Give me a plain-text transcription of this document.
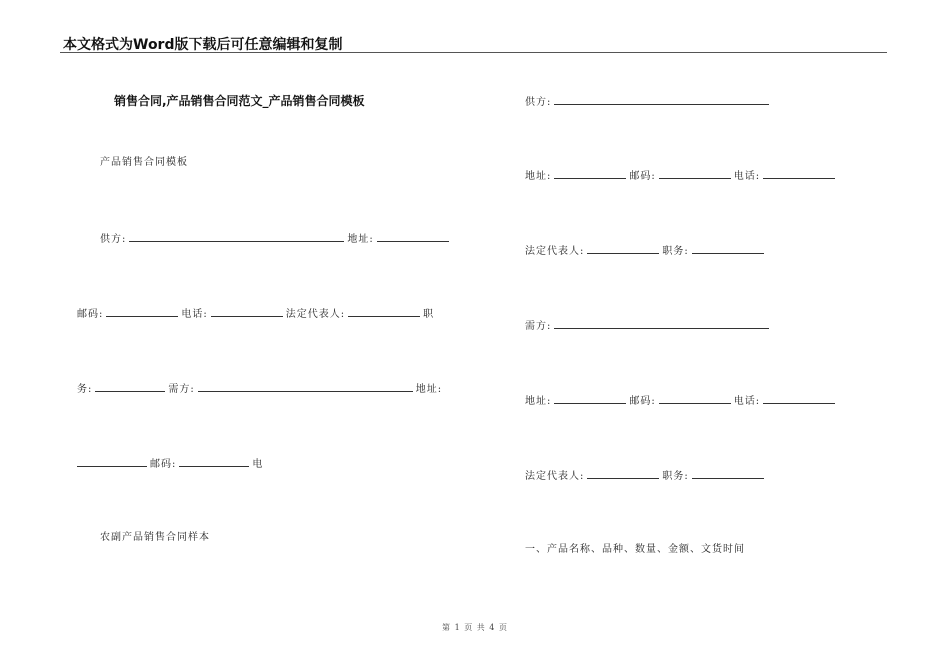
本文格式为Word版下载后可任意编辑和复制
销售合同,产品销售合同范文_产品销售合同模板
产品销售合同模板
供方:	地址:
邮码:	电话:	法定代表人:	职
务:	需方:	地址:
邮码:	电
农副产品销售合同样本
供方:
地址:	邮码:	电话:
法定代表人:	职务:
需方:
地址:	邮码:	电话:
法定代表人:	职务:
一、产品名称、品种、数量、金额、文货时间
第 1 页 共 4 页
